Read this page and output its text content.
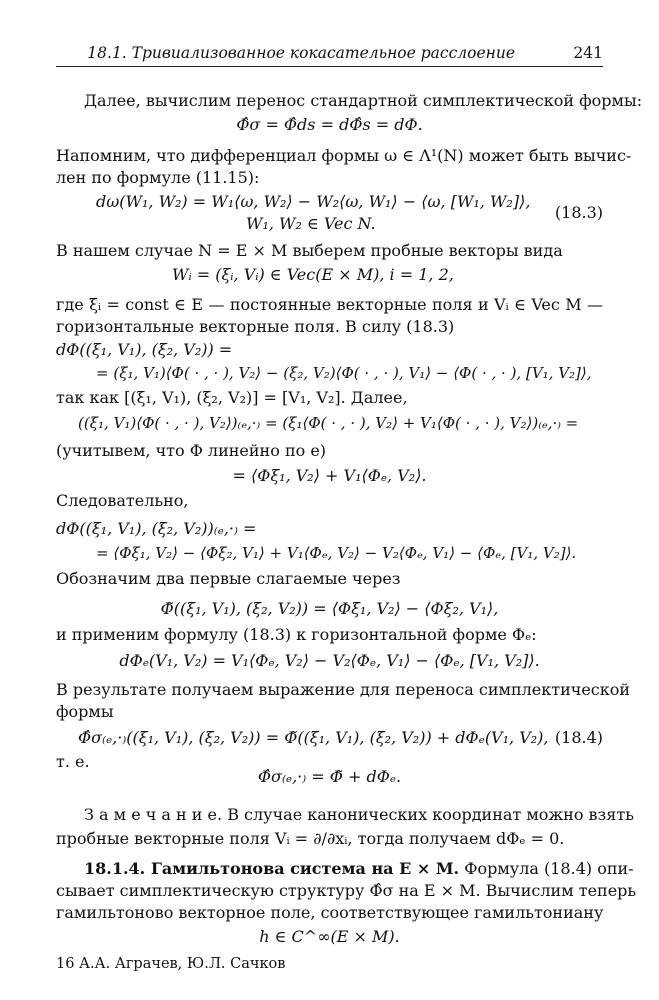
18.1. Тривиализованное кокасательное расслоение	241
Далее, вычислим перенос стандартной симплектической формы:
Φ̂σ = Φ̂ds = dΦ̂s = dΦ.
Напомним, что дифференциал формы ω ∈ Λ¹(N) может быть вычис-
лен по формуле (11.15):
dω(W₁, W₂) = W₁⟨ω, W₂⟩ − W₂⟨ω, W₁⟩ − ⟨ω, [W₁, W₂]⟩,
W₁, W₂ ∈ Vec N.
(18.3)
В нашем случае N = E × M выберем пробные векторы вида
Wᵢ = (ξᵢ, Vᵢ) ∈ Vec(E × M), i = 1, 2,
где ξᵢ = const ∈ E — постоянные векторные поля и Vᵢ ∈ Vec M —
горизонтальные векторные поля. В силу (18.3)
dΦ((ξ₁, V₁), (ξ₂, V₂)) =
= (ξ₁, V₁)⟨Φ( · , · ), V₂⟩ − (ξ₂, V₂)⟨Φ( · , · ), V₁⟩ − ⟨Φ( · , · ), [V₁, V₂]⟩,
так как [(ξ₁, V₁), (ξ₂, V₂)] = [V₁, V₂]. Далее,
((ξ₁, V₁)⟨Φ( · , · ), V₂⟩)₍ₑ,·₎ = (ξ₁⟨Φ( · , · ), V₂⟩ + V₁⟨Φ( · , · ), V₂⟩)₍ₑ,·₎ =
(учитывем, что Φ линейно по e)
= ⟨Φξ₁, V₂⟩ + V₁⟨Φₑ, V₂⟩.
Следовательно,
dΦ((ξ₁, V₁), (ξ₂, V₂))₍ₑ,·₎ =
= ⟨Φξ₁, V₂⟩ − ⟨Φξ₂, V₁⟩ + V₁⟨Φₑ, V₂⟩ − V₂⟨Φₑ, V₁⟩ − ⟨Φₑ, [V₁, V₂]⟩.
Обозначим два первые слагаемые через
Φ̃((ξ₁, V₁), (ξ₂, V₂)) = ⟨Φξ₁, V₂⟩ − ⟨Φξ₂, V₁⟩,
и применим формулу (18.3) к горизонтальной форме Φₑ:
dΦₑ(V₁, V₂) = V₁⟨Φₑ, V₂⟩ − V₂⟨Φₑ, V₁⟩ − ⟨Φₑ, [V₁, V₂]⟩.
В результате получаем выражение для переноса симплектической
формы
Φ̂σ₍ₑ,·₎((ξ₁, V₁), (ξ₂, V₂)) = Φ̃((ξ₁, V₁), (ξ₂, V₂)) + dΦₑ(V₁, V₂), (18.4)
т. е.
Φ̂σ₍ₑ,·₎ = Φ̃ + dΦₑ.
З а м е ч а н и е. В случае канонических координат можно взять
пробные векторные поля Vᵢ = ∂/∂xᵢ, тогда получаем dΦₑ = 0.
18.1.4. Гамильтонова система на E × M. Формула (18.4) опи-
сывает симплектическую структуру Φ̂σ на E × M. Вычислим теперь
гамильтоново векторное поле, соответствующее гамильтониану
h ∈ C^∞(E × M).
16 А.А. Аграчев, Ю.Л. Сачков
